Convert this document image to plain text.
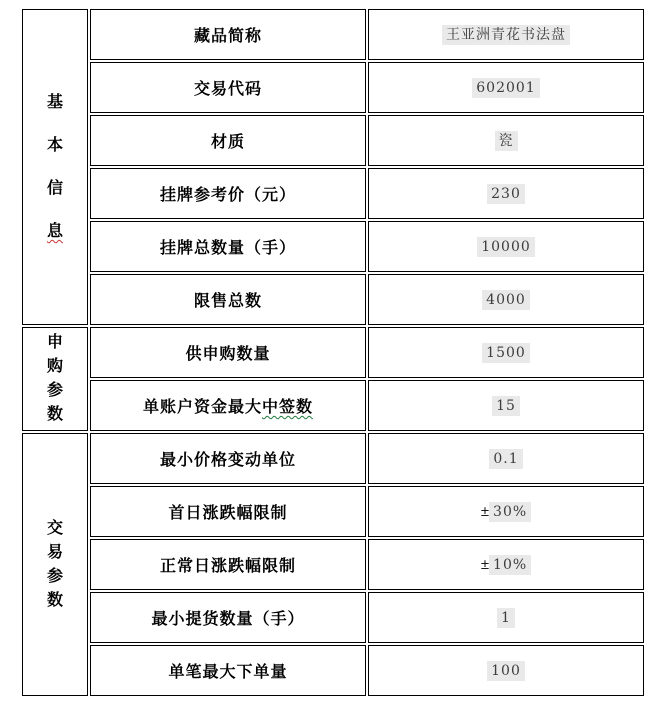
基
本
信
息	藏品简称	王亚洲青花书法盘
	交易代码	602001
	材质	瓷
	挂牌参考价（元）	230
	挂牌总数量（手）	10000
	限售总数	4000

申
购
参
数	供申购数量	1500
	单账户资金最大中签数	15

交
易
参
数	最小价格变动单位	0.1
	首日涨跌幅限制	± 30%
	正常日涨跌幅限制	± 10%
	最小提货数量（手）	1
	单笔最大下单量	100
